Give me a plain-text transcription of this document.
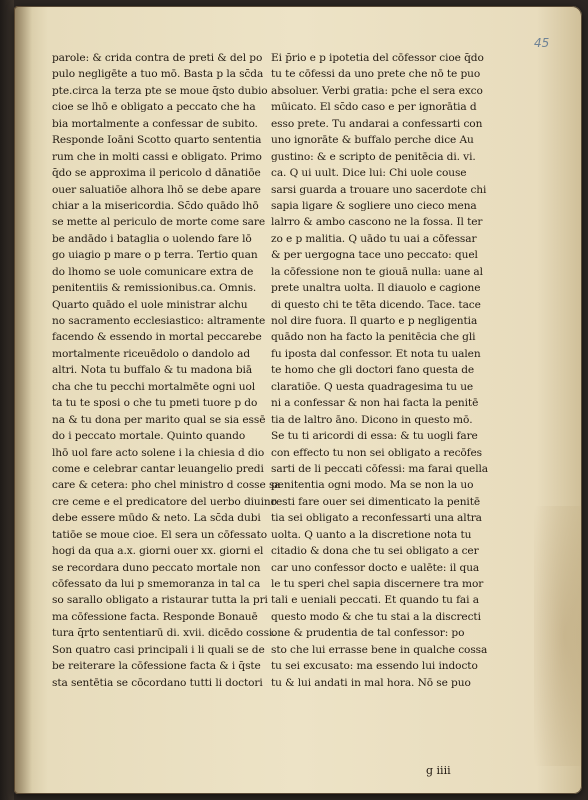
45
parole: & crida contra de preti & del po
pulo negligēte a tuo mō. Basta p la sc̄da
pte.circa la terza pte se moue q̄sto dubio
cioe se lhō e obligato a peccato che ha
bia mortalmente a confessar de subito.
Responde Ioāni Scotto quarto sententia
rum che in molti cassi e obligato. Primo
q̄do se approxima il pericolo d dānatiōe
ouer saluatiōe alhora lhō se debe apare
chiar a la misericordia. Sc̄do quādo lhō
se mette al periculo de morte come sare
be andādo i bataglia o uolendo fare lō
go uiagio p mare o p terra. Tertio quan
do lhomo se uole comunicare extra de
penitentiis & remissionibus.ca. Omnis.
Quarto quādo el uole ministrar alchu
no sacramento ecclesiastico: altramente
facendo & essendo in mortal peccarebe
mortalmente riceuēdolo o dandolo ad
altri. Nota tu buffalo & tu madona biā
cha che tu pecchi mortalmēte ogni uol
ta tu te sposi o che tu pmeti tuore p do
na & tu dona per marito qual se sia essē
do i peccato mortale. Quinto quando
lhō uol fare acto solene i la chiesia d dio
come e celebrar cantar leuangelio predi
care & cetera: pho chel ministro d cosse sa
cre ceme e el predicatore del uerbo diuino
debe essere mūdo & neto. La sc̄da dubi
tatiōe se moue cioe. El sera un cōfessato
hogi da qua a.x. giorni ouer xx. giorni el
se recordara duno peccato mortale non
cōfessato da lui p smemoranza in tal ca
so sarallo obligato a ristaurar tutta la pri
ma cōfessione facta. Responde Bonauē
tura q̄rto sententiarū di. xvii. dicēdo cossi.
Son quatro casi principali i li quali se de
be reiterare la cōfessione facta & i q̄ste
sta sentētia se cōcordano tutti li doctori
Ei p̄rio e p ipotetia del cōfessor cioe q̄do
tu te cōfessi da uno prete che nō te puo
absoluer. Verbi gratia: pche el sera exco
mūicato. El sc̄do caso e per ignorātia d
esso prete. Tu andarai a confessarti con
uno ignorāte & buffalo perche dice Au
gustino: & e scripto de penitēcia di. vi.
ca. Q ui uult. Dice lui: Chi uole couse
sarsi guarda a trouare uno sacerdote chi
sapia ligare & sogliere uno cieco mena
lalrro & ambo cascono ne la fossa. Il ter
zo e p malitia. Q uādo tu uai a cōfessar
& per uergogna tace uno peccato: quel
la cōfessione non te giouā nulla: uane al
prete unaltra uolta. Il diauolo e cagione
di questo chi te tēta dicendo. Tace. tace
nol dire fuora. Il quarto e p negligentia
quādo non ha facto la penitēcia che gli
fu iposta dal confessor. Et nota tu ualen
te homo che gli doctori fano questa de
claratiōe. Q uesta quadragesima tu ue
ni a confessar & non hai facta la penitē
tia de laltro āno. Dicono in questo mō.
Se tu ti aricordi di essa: & tu uogli fare
con effecto tu non sei obligato a recōfes
sarti de li peccati cōfessi: ma farai quella
penitentia ogni modo. Ma se non la uo
resti fare ouer sei dimenticato la penitē
tia sei obligato a reconfessarti una altra
uolta. Q uanto a la discretione nota tu
citadio & dona che tu sei obligato a cer
car uno confessor docto e ualēte: il qua
le tu speri chel sapia discernere tra mor
tali e ueniali peccati. Et quando tu fai a
questo modo & che tu stai a la discrecti
one & prudentia de tal confessor: po
sto che lui errasse bene in qualche cossa
tu sei excusato: ma essendo lui indocto
tu & lui andati in mal hora. Nō se puo
g iiii
